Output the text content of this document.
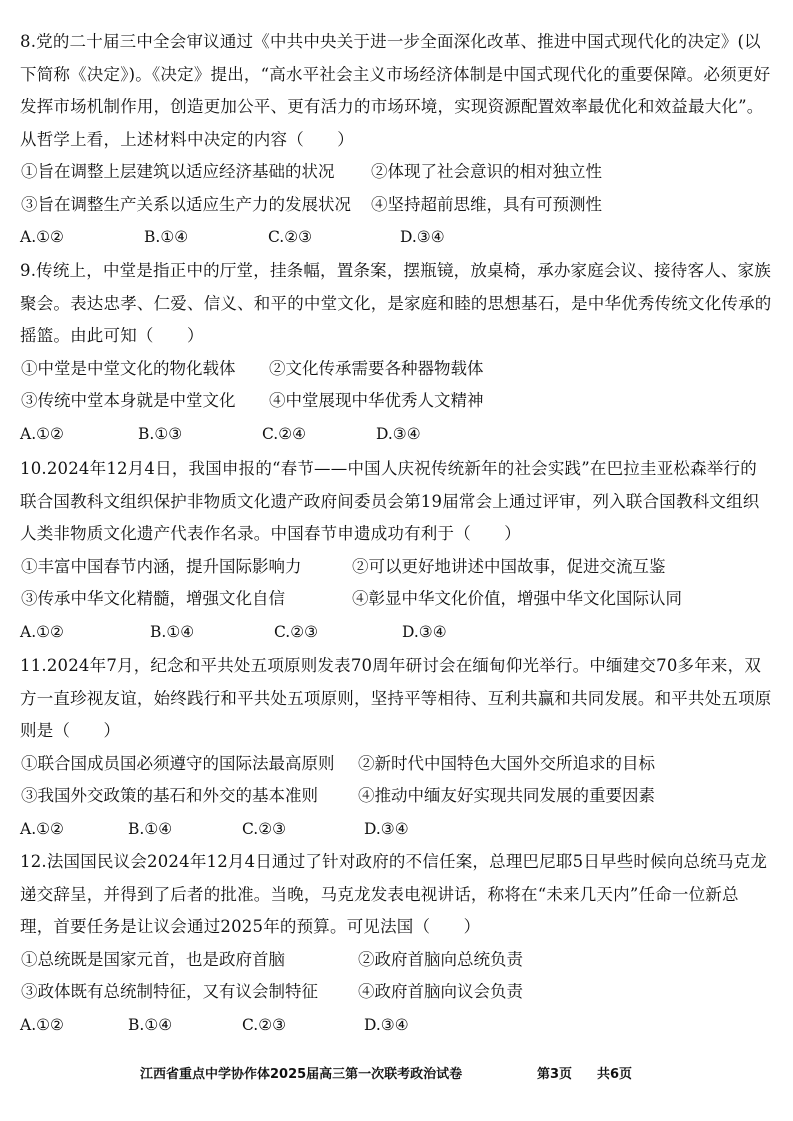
8.党的二十届三中全会审议通过《中共中央关于进一步全面深化改革、推进中国式现代化的决定》(以下简称《决定》)。《决定》提出，“高水平社会主义市场经济体制是中国式现代化的重要保障。必须更好发挥市场机制作用，创造更加公平、更有活力的市场环境，实现资源配置效率最优化和效益最大化”。从哲学上看，上述材料中决定的内容（　　）

①旨在调整上层建筑以适应经济基础的状况	②体现了社会意识的相对独立性
③旨在调整生产关系以适应生产力的发展状况	④坚持超前思维，具有可预测性
A.①②	B.①④	C.②③	D.③④

9.传统上，中堂是指正中的厅堂，挂条幅，置条案，摆瓶镜，放桌椅，承办家庭会议、接待客人、家族聚会。表达忠孝、仁爱、信义、和平的中堂文化，是家庭和睦的思想基石，是中华优秀传统文化传承的摇篮。由此可知（　　）

①中堂是中堂文化的物化载体	②文化传承需要各种器物载体
③传统中堂本身就是中堂文化	④中堂展现中华优秀人文精神
A.①②	B.①③	C.②④	D.③④

10.2024年12月4日，我国申报的“春节——中国人庆祝传统新年的社会实践”在巴拉圭亚松森举行的联合国教科文组织保护非物质文化遗产政府间委员会第19届常会上通过评审，列入联合国教科文组织人类非物质文化遗产代表作名录。中国春节申遗成功有利于（　　）

①丰富中国春节内涵，提升国际影响力	②可以更好地讲述中国故事，促进交流互鉴
③传承中华文化精髓，增强文化自信	④彰显中华文化价值，增强中华文化国际认同
A.①②	B.①④	C.②③	D.③④

11.2024年7月，纪念和平共处五项原则发表70周年研讨会在缅甸仰光举行。中缅建交70多年来，双方一直珍视友谊，始终践行和平共处五项原则，坚持平等相待、互利共赢和共同发展。和平共处五项原则是（　　）

①联合国成员国必须遵守的国际法最高原则	②新时代中国特色大国外交所追求的目标
③我国外交政策的基石和外交的基本准则	④推动中缅友好实现共同发展的重要因素
A.①②	B.①④	C.②③	D.③④

12.法国国民议会2024年12月4日通过了针对政府的不信任案，总理巴尼耶5日早些时候向总统马克龙递交辞呈，并得到了后者的批准。当晚，马克龙发表电视讲话，称将在“未来几天内”任命一位新总理，首要任务是让议会通过2025年的预算。可见法国（　　）

①总统既是国家元首，也是政府首脑	②政府首脑向总统负责
③政体既有总统制特征，又有议会制特征	④政府首脑向议会负责
A.①②	B.①④	C.②③	D.③④
江西省重点中学协作体2025届高三第一次联考政治试卷	第3页 共6页
